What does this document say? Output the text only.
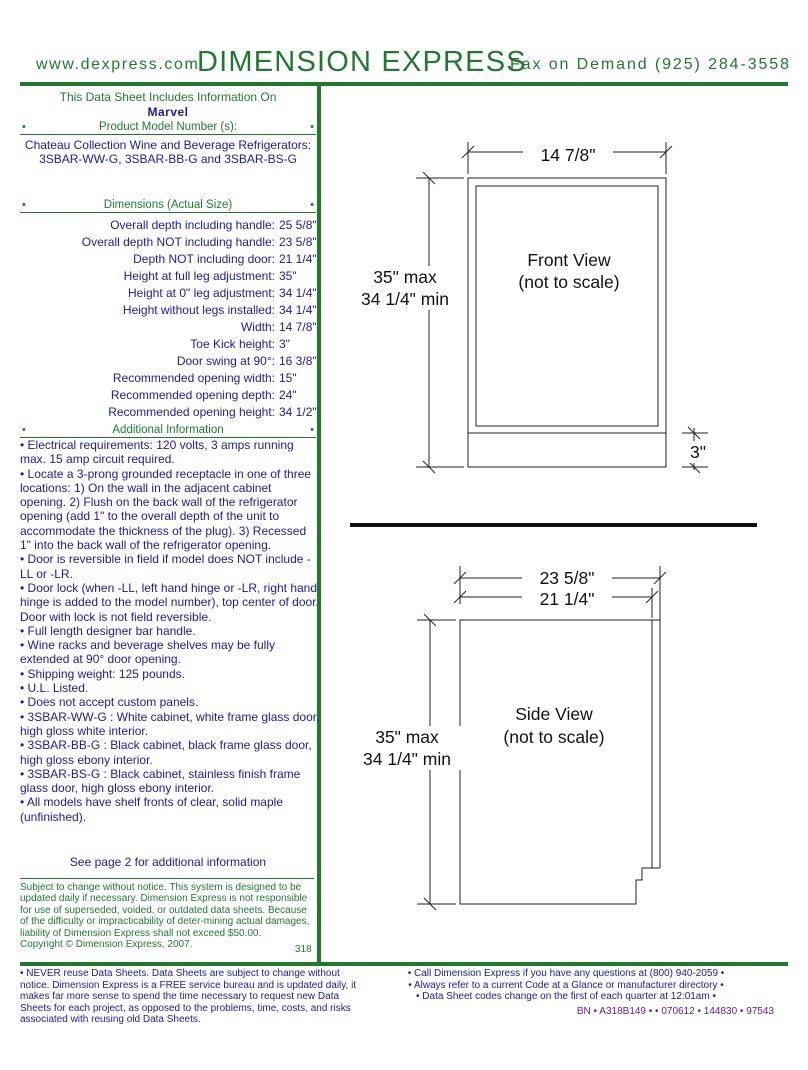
www.dexpress.com
DIMENSION EXPRESS
Fax on Demand (925) 284-3558
This Data Sheet Includes Information On
Marvel
•	Product Model Number (s):	•
Chateau Collection Wine and Beverage Refrigerators:
3SBAR-WW-G, 3SBAR-BB-G and 3SBAR-BS-G
•	Dimensions (Actual Size)	•
Overall depth including handle: 25 5/8"
Overall depth NOT including handle: 23 5/8"
Depth NOT including door: 21 1/4"
Height at full leg adjustment: 35"
Height at 0" leg adjustment: 34 1/4"
Height without legs installed: 34 1/4"
Width: 14 7/8"
Toe Kick height: 3"
Door swing at 90°: 16 3/8"
Recommended opening width: 15"
Recommended opening depth: 24"
Recommended opening height: 34 1/2"
•	Additional Information	•

• Electrical requirements: 120 volts, 3 amps running max. 15 amp circuit required.

• Locate a 3-prong grounded receptacle in one of three locations: 1) On the wall in the adjacent cabinet opening. 2) Flush on the back wall of the refrigerator opening (add 1" to the overall depth of the unit to accommodate the thickness of the plug). 3) Recessed 1" into the back wall of the refrigerator opening.

• Door is reversible in field if model does NOT include -LL or -LR.

• Door lock (when -LL, left hand hinge or -LR, right hand hinge is added to the model number), top center of door. Door with lock is not field reversible.

• Full length designer bar handle.

• Wine racks and beverage shelves may be fully extended at 90° door opening.

• Shipping weight: 125 pounds.

• U.L. Listed.

• Does not accept custom panels.

• 3SBAR-WW-G : White cabinet, white frame glass door, high gloss white interior.

• 3SBAR-BB-G : Black cabinet, black frame glass door, high gloss ebony interior.

• 3SBAR-BS-G : Black cabinet, stainless finish frame glass door, high gloss ebony interior.

• All models have shelf fronts of clear, solid maple (unfinished).

See page 2 for additional information
Subject to change without notice. This system is designed to be updated daily if necessary. Dimension Express is not responsible for use of superseded, voided, or outdated data sheets. Because of the difficulty or impracticability of deter-mining actual damages, liability of Dimension Express shall not exceed $50.00.
Copyright © Dimension Express, 2007.	318
14 7/8"
35" max
34 1/4" min
3"
Front View
(not to scale)
23 5/8"
21 1/4"
35" max
34 1/4" min
Side View
(not to scale)
• NEVER reuse Data Sheets. Data Sheets are subject to change without notice. Dimension Express is a FREE service bureau and is updated daily, it makes far more sense to spend the time necessary to request new Data Sheets for each project, as opposed to the problems, time, costs, and risks associated with reusing old Data Sheets.
• Call Dimension Express if you have any questions at (800) 940-2059 •
• Always refer to a current Code at a Glance or manufacturer directory •
• Data Sheet codes change on the first of each quarter at 12:01am •
BN • A318B149 • • 070612 • 144830 • 97543
